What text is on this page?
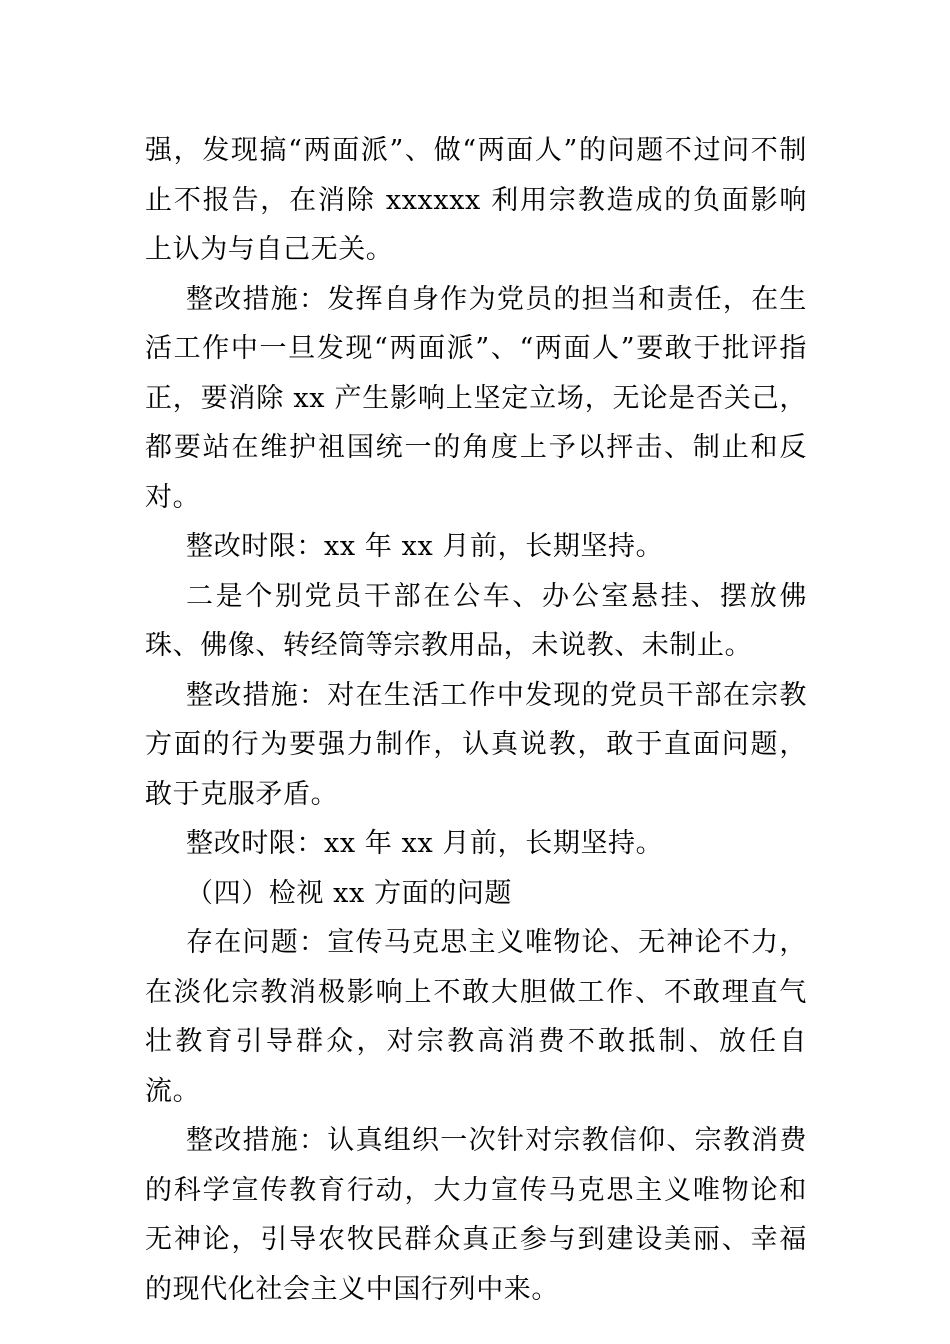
强，发现搞“两面派”、做“两面人”的问题不过问不制止不报告，在消除 xxxxxx 利用宗教造成的负面影响上认为与自己无关。

整改措施：发挥自身作为党员的担当和责任，在生活工作中一旦发现“两面派”、“两面人”要敢于批评指正，要消除 xx 产生影响上坚定立场，无论是否关己，都要站在维护祖国统一的角度上予以抨击、制止和反对。

整改时限：xx 年 xx 月前，长期坚持。

二是个别党员干部在公车、办公室悬挂、摆放佛珠、佛像、转经筒等宗教用品，未说教、未制止。

整改措施：对在生活工作中发现的党员干部在宗教方面的行为要强力制作，认真说教，敢于直面问题，敢于克服矛盾。

整改时限：xx 年 xx 月前，长期坚持。

（四）检视 xx 方面的问题

存在问题：宣传马克思主义唯物论、无神论不力，在淡化宗教消极影响上不敢大胆做工作、不敢理直气壮教育引导群众，对宗教高消费不敢抵制、放任自流。

整改措施：认真组织一次针对宗教信仰、宗教消费的科学宣传教育行动，大力宣传马克思主义唯物论和无神论，引导农牧民群众真正参与到建设美丽、幸福的现代化社会主义中国行列中来。
